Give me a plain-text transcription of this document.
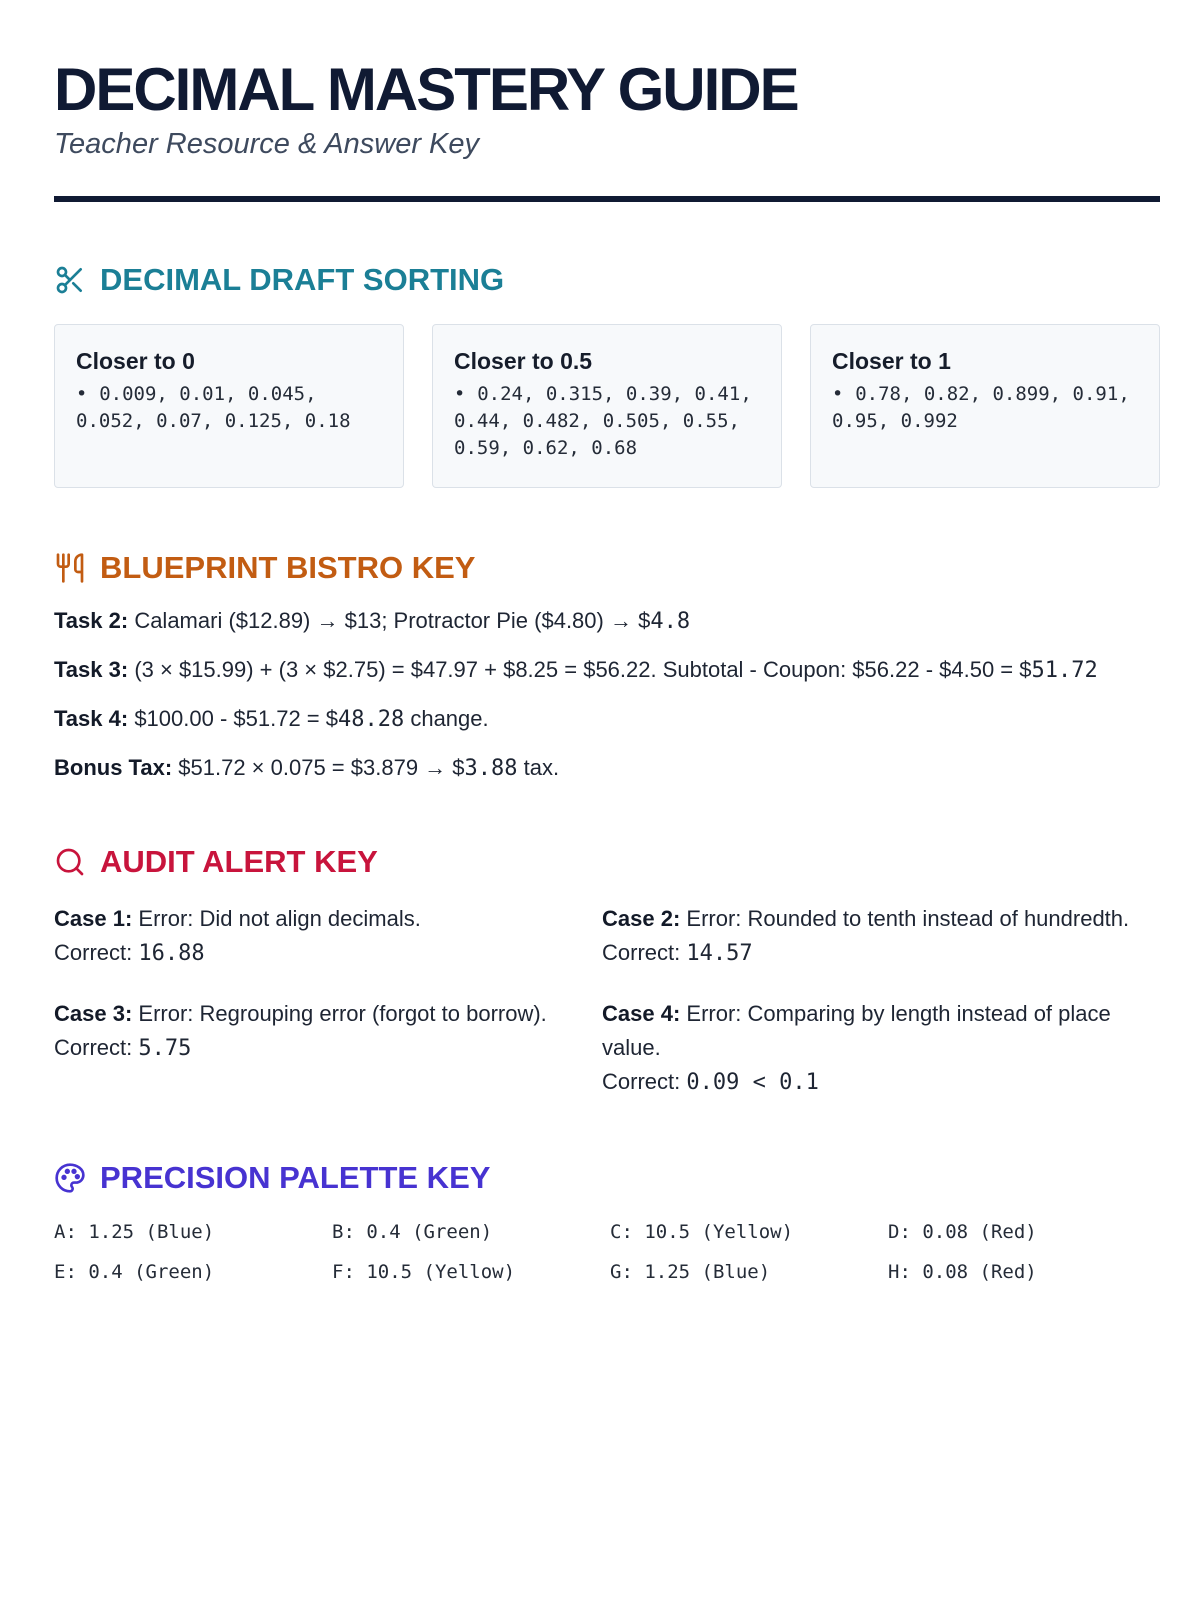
DECIMAL MASTERY GUIDE
Teacher Resource & Answer Key
DECIMAL DRAFT SORTING
Closer to 0
• 0.009, 0.01, 0.045, 0.052, 0.07, 0.125, 0.18
Closer to 0.5
• 0.24, 0.315, 0.39, 0.41, 0.44, 0.482, 0.505, 0.55, 0.59, 0.62, 0.68
Closer to 1
• 0.78, 0.82, 0.899, 0.91, 0.95, 0.992
BLUEPRINT BISTRO KEY
Task 2: Calamari ($12.89) → $13; Protractor Pie ($4.80) → $4.8
Task 3: (3 × $15.99) + (3 × $2.75) = $47.97 + $8.25 = $56.22. Subtotal - Coupon: $56.22 - $4.50 = $51.72
Task 4: $100.00 - $51.72 = $48.28 change.
Bonus Tax: $51.72 × 0.075 = $3.879 → $3.88 tax.
AUDIT ALERT KEY
Case 1: Error: Did not align decimals.
Correct: 16.88
Case 2: Error: Rounded to tenth instead of hundredth.
Correct: 14.57
Case 3: Error: Regrouping error (forgot to borrow).
Correct: 5.75
Case 4: Error: Comparing by length instead of place value.
Correct: 0.09 < 0.1
PRECISION PALETTE KEY
A: 1.25 (Blue)	B: 0.4 (Green)	C: 10.5 (Yellow)	D: 0.08 (Red)
E: 0.4 (Green)	F: 10.5 (Yellow)	G: 1.25 (Blue)	H: 0.08 (Red)
